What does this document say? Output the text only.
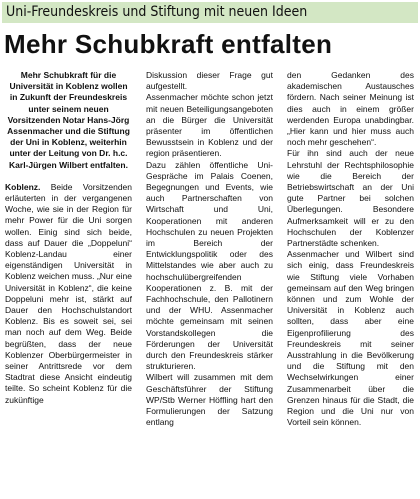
Uni-Freundeskreis und Stiftung mit neuen Ideen
Mehr Schubkraft entfalten

Mehr Schubkraft für die Universität in Koblenz wollen in Zukunft der Freundeskreis unter seinem neuen Vorsitzenden Notar Hans-Jörg Assenmacher und die Stiftung der Uni in Koblenz, weiterhin unter der Leitung von Dr. h.c. Karl-Jürgen Wilbert entfalten.

Koblenz. Beide Vorsitzenden erläuterten in der vergangenen Woche, wie sie in der Region für mehr Power für die Uni sorgen wollen. Einig sind sich beide, dass auf Dauer die „Doppeluni“ Koblenz-Landau einer eigenständigen Universität in Koblenz weichen muss. „Nur eine Universität in Koblenz“, die keine Doppeluni mehr ist, stärkt auf Dauer den Hochschulstandort Koblenz. Bis es soweit sei, sei man noch auf dem Weg. Beide begrüßten, dass der neue Koblenzer Oberbürgermeister in seiner Antrittsrede vor dem Stadtrat diese Ansicht eindeutig teilte. So scheint Koblenz für die zukünftige

Diskussion dieser Frage gut aufgestellt.

Assenmacher möchte schon jetzt mit neuen Beteiligungsangeboten an die Bürger die Universität präsenter im öffentlichen Bewusstsein in Koblenz und der region präsentieren.

Dazu zählen öffentliche Uni-Gespräche im Palais Coenen, Begegnungen und Events, wie auch Partnerschaften von Wirtschaft und Uni, Kooperationen mit anderen Hochschulen zu neuen Projekten im Bereich der Entwicklungspolitik oder des Mittelstandes wie aber auch zu hochschulübergreifenden Kooperationen z. B. mit der Fachhochschule, den Pallotinern und der WHU. Assenmacher möchte gemeinsam mit seinen Vorstandskollegen die Förderungen der Universität durch den Freundeskreis stärker strukturieren.

Wilbert will zusammen mit dem Geschäftsführer der Stiftung WP/Stb Werner Höffling hart den Formulierungen der Satzung entlang

den Gedanken des akademischen Austausches fördern. Nach seiner Meinung ist dies auch in einem größer werdenden Europa unabdingbar. „Hier kann und hier muss auch noch mehr geschehen“.

Für ihn sind auch der neue Lehrstuhl der Rechtsphilosophie wie die Bereich der Betriebswirtschaft an der Uni gute Partner bei solchen Überlegungen. Besondere Aufmerksamkeit will er zu den Hochschulen der Koblenzer Partnerstädte schenken.

Assenmacher und Wilbert sind sich einig, dass Freundeskreis wie Stiftung viele Vorhaben gemeinsam auf den Weg bringen können und zum Wohle der Universität in Koblenz auch sollten, dass aber eine Eigenprofilierung des Freundeskreis mit seiner Ausstrahlung in die Bevölkerung und die Stiftung mit den Wechselwirkungen einer Zusammenarbeit über die Grenzen hinaus für die Stadt, die Region und die Uni nur von Vorteil sein können.
